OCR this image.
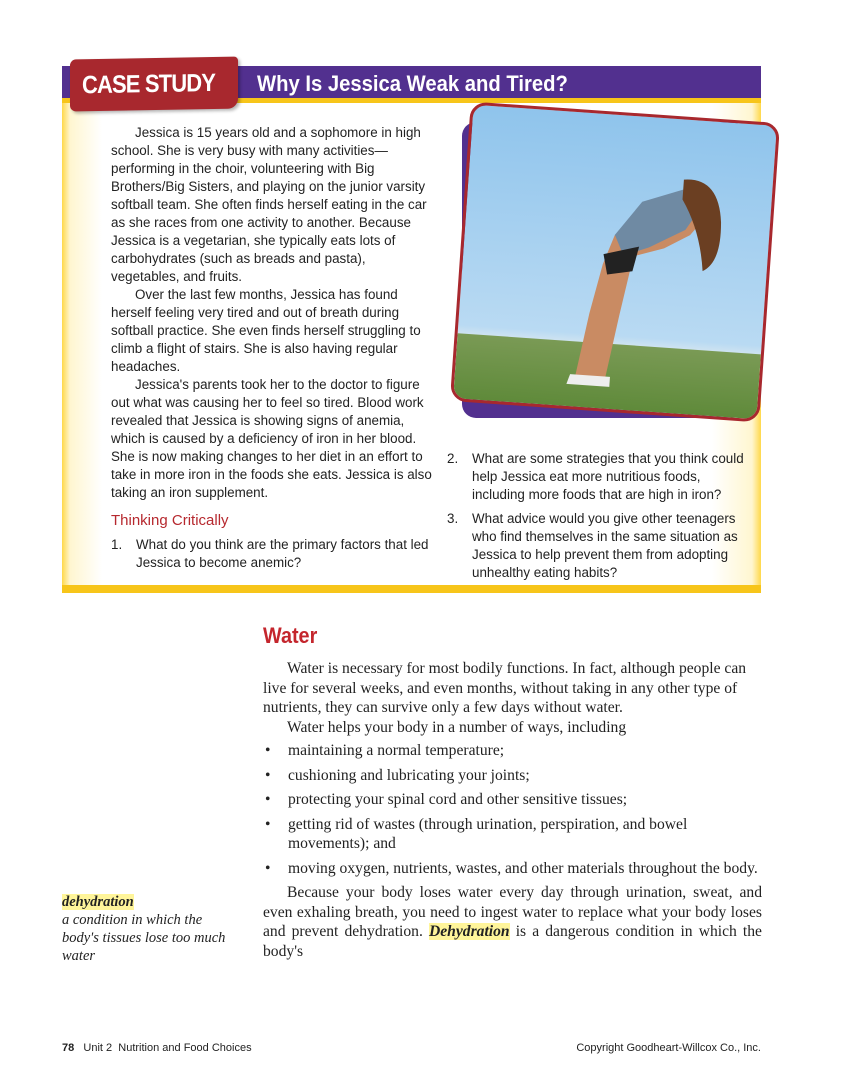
Why Is Jessica Weak and Tired?
CASE STUDY

Jessica is 15 years old and a sophomore in high school. She is very busy with many activities—performing in the choir, volunteering with Big Brothers/Big Sisters, and playing on the junior varsity softball team. She often finds herself eating in the car as she races from one activity to another. Because Jessica is a vegetarian, she typically eats lots of carbohydrates (such as breads and pasta), vegetables, and fruits.

Over the last few months, Jessica has found herself feeling very tired and out of breath during softball practice. She even finds herself struggling to climb a flight of stairs. She is also having regular headaches.

Jessica's parents took her to the doctor to figure out what was causing her to feel so tired. Blood work revealed that Jessica is showing signs of anemia, which is caused by a deficiency of iron in her blood. She is now making changes to her diet in an effort to take in more iron in the foods she eats. Jessica is also taking an iron supplement.

Thinking Critically
1.	What do you think are the primary factors that led Jessica to become anemic?
2.	What are some strategies that you think could help Jessica eat more nutritious foods, including more foods that are high in iron?
3.	What advice would you give other teenagers who find themselves in the same situation as Jessica to help prevent them from adopting unhealthy eating habits?
Water

Water is necessary for most bodily functions. In fact, although people can live for several weeks, and even months, without taking in any other type of nutrients, they can survive only a few days without water.

Water helps your body in a number of ways, including

•	maintaining a normal temperature;
•	cushioning and lubricating your joints;
•	protecting your spinal cord and other sensitive tissues;
•	getting rid of wastes (through urination, perspiration, and bowel movements); and
•	moving oxygen, nutrients, wastes, and other materials throughout the body.

Because your body loses water every day through urination, sweat, and even exhaling breath, you need to ingest water to replace what your body loses and prevent dehydration. Dehydration is a dangerous condition in which the body's

dehydration
a condition in which the body's tissues lose too much water
78 Unit 2  Nutrition and Food Choices	Copyright Goodheart-Willcox Co., Inc.
